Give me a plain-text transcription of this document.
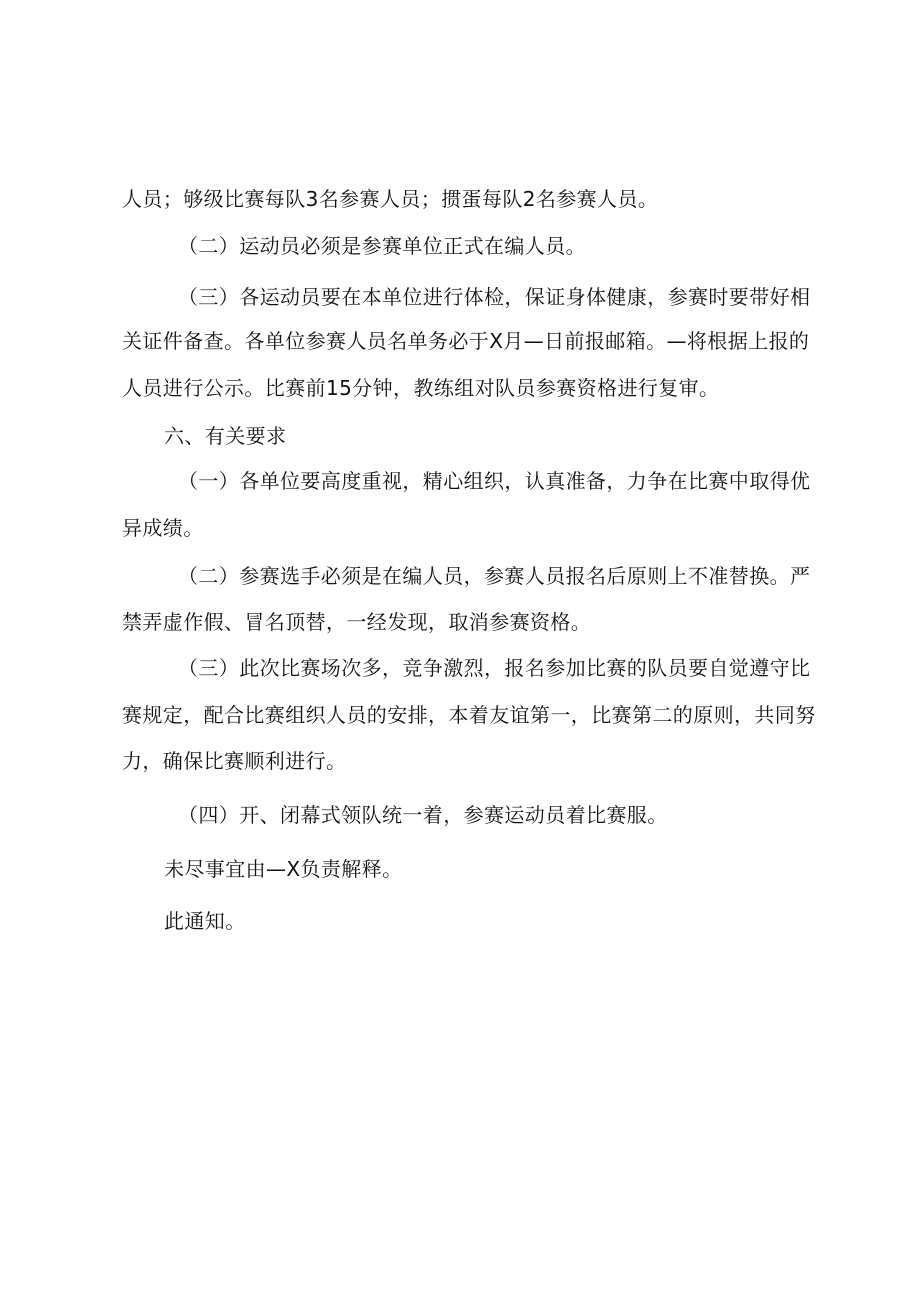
人员；够级比赛每队3名参赛人员；掼蛋每队2名参赛人员。
（二）运动员必须是参赛单位正式在编人员。
（三）各运动员要在本单位进行体检，保证身体健康，参赛时要带好相
关证件备查。各单位参赛人员名单务必于X月—日前报邮箱。—将根据上报的
人员进行公示。比赛前15分钟，教练组对队员参赛资格进行复审。
六、有关要求
（一）各单位要高度重视，精心组织，认真准备，力争在比赛中取得优
异成绩。
（二）参赛选手必须是在编人员，参赛人员报名后原则上不准替换。严
禁弄虚作假、冒名顶替，一经发现，取消参赛资格。
（三）此次比赛场次多，竞争激烈，报名参加比赛的队员要自觉遵守比
赛规定，配合比赛组织人员的安排，本着友谊第一，比赛第二的原则，共同努
力，确保比赛顺利进行。
（四）开、闭幕式领队统一着，参赛运动员着比赛服。
未尽事宜由—X负责解释。
此通知。
